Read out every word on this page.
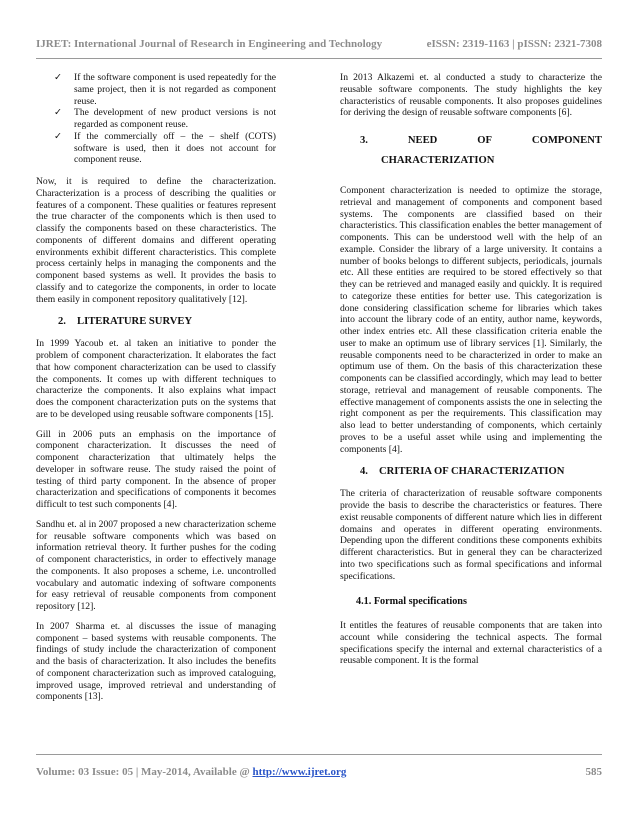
IJRET: International Journal of Research in Engineering and Technology	eISSN: 2319-1163 | pISSN: 2321-7308
✓ If the software component is used repeatedly for the same project, then it is not regarded as component reuse.
✓ The development of new product versions is not regarded as component reuse.
✓ If the commercially off – the – shelf (COTS) software is used, then it does not account for component reuse.

Now, it is required to define the characterization. Characterization is a process of describing the qualities or features of a component. These qualities or features represent the true character of the components which is then used to classify the components based on these characteristics. The components of different domains and different operating environments exhibit different characteristics. This complete process certainly helps in managing the components and the component based systems as well. It provides the basis to classify and to categorize the components, in order to locate them easily in component repository qualitatively [12].

2. LITERATURE SURVEY

In 1999 Yacoub et. al taken an initiative to ponder the problem of component characterization. It elaborates the fact that how component characterization can be used to classify the components. It comes up with different techniques to characterize the components. It also explains what impact does the component characterization puts on the systems that are to be developed using reusable software components [15].

Gill in 2006 puts an emphasis on the importance of component characterization. It discusses the need of component characterization that ultimately helps the developer in software reuse. The study raised the point of testing of third party component. In the absence of proper characterization and specifications of components it becomes difficult to test such components [4].

Sandhu et. al in 2007 proposed a new characterization scheme for reusable software components which was based on information retrieval theory. It further pushes for the coding of component characteristics, in order to effectively manage the components. It also proposes a scheme, i.e. uncontrolled vocabulary and automatic indexing of software components for easy retrieval of reusable components from component repository [12].

In 2007 Sharma et. al discusses the issue of managing component – based systems with reusable components. The findings of study include the characterization of component and the basis of characterization. It also includes the benefits of component characterization such as improved cataloguing, improved usage, improved retrieval and understanding of components [13].

In 2013 Alkazemi et. al conducted a study to characterize the reusable software components. The study highlights the key characteristics of reusable components. It also proposes guidelines for deriving the design of reusable software components [6].

3.	NEED	OF	COMPONENT
CHARACTERIZATION

Component characterization is needed to optimize the storage, retrieval and management of components and component based systems. The components are classified based on their characteristics. This classification enables the better management of components. This can be understood well with the help of an example. Consider the library of a large university. It contains a number of books belongs to different subjects, periodicals, journals etc. All these entities are required to be stored effectively so that they can be retrieved and managed easily and quickly. It is required to categorize these entities for better use. This categorization is done considering classification scheme for libraries which takes into account the library code of an entity, author name, keywords, other index entries etc. All these classification criteria enable the user to make an optimum use of library services [1]. Similarly, the reusable components need to be characterized in order to make an optimum use of them. On the basis of this characterization these components can be classified accordingly, which may lead to better storage, retrieval and management of reusable components. The effective management of components assists the one in selecting the right component as per the requirements. This classification may also lead to better understanding of components, which certainly proves to be a useful asset while using and implementing the components [4].

4. CRITERIA OF CHARACTERIZATION

The criteria of characterization of reusable software components provide the basis to describe the characteristics or features. There exist reusable components of different nature which lies in different domains and operates in different operating environments. Depending upon the different conditions these components exhibits different characteristics. But in general they can be characterized into two specifications such as formal specifications and informal specifications.

4.1. Formal specifications

It entitles the features of reusable components that are taken into account while considering the technical aspects. The formal specifications specify the internal and external characteristics of a reusable component. It is the formal

Volume: 03 Issue: 05 | May-2014, Available @ http://www.ijret.org	585
